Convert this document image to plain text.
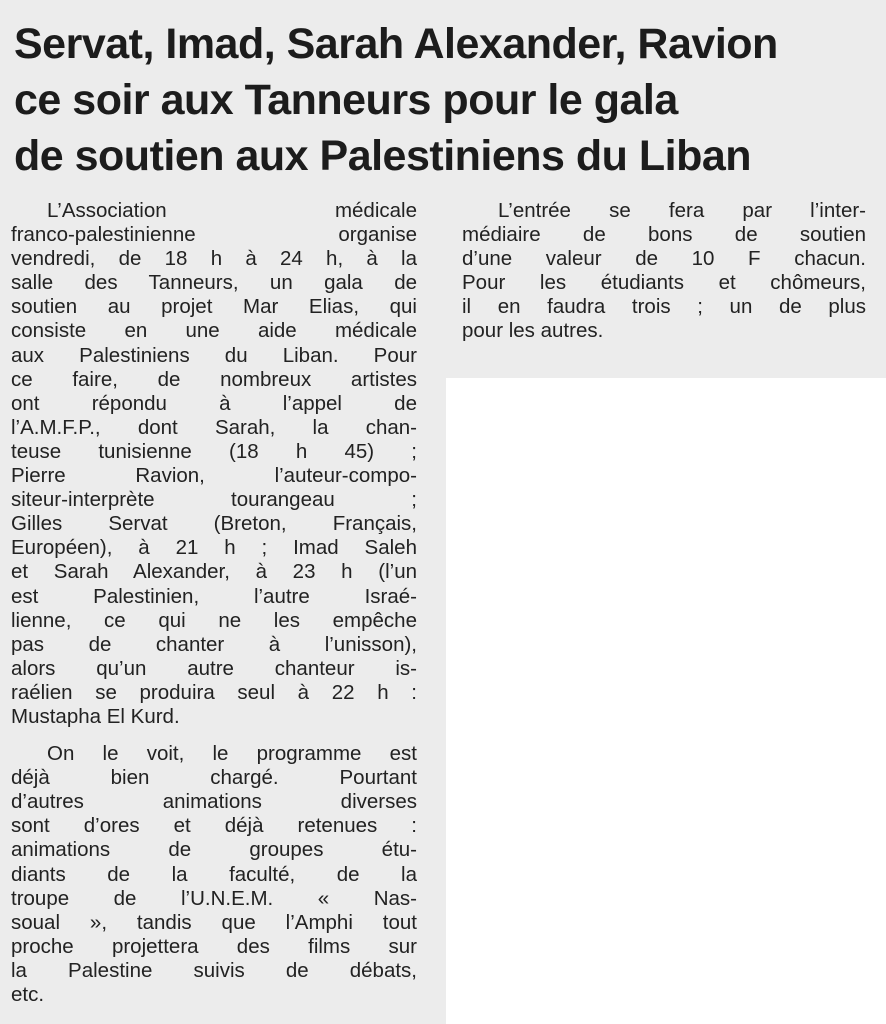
Servat, Imad, Sarah Alexander, Ravion
ce soir aux Tanneurs pour le gala
de soutien aux Palestiniens du Liban
L’Association médicale
franco-palestinienne organise
vendredi, de 18 h à 24 h, à la
salle des Tanneurs, un gala de
soutien au projet Mar Elias, qui
consiste en une aide médicale
aux Palestiniens du Liban. Pour
ce faire, de nombreux artistes
ont répondu à l’appel de
l’A.M.F.P., dont Sarah, la chan-
teuse tunisienne (18 h 45) ;
Pierre Ravion, l’auteur-compo-
siteur-interprète tourangeau ;
Gilles Servat (Breton, Français,
Européen), à 21 h ; Imad Saleh
et Sarah Alexander, à 23 h (l’un
est Palestinien, l’autre Israé-
lienne, ce qui ne les empêche
pas de chanter à l’unisson),
alors qu’un autre chanteur is-
raélien se produira seul à 22 h :
Mustapha El Kurd.
On le voit, le programme est
déjà bien chargé. Pourtant
d’autres animations diverses
sont d’ores et déjà retenues :
animations de groupes étu-
diants de la faculté, de la
troupe de l’U.N.E.M. « Nas-
soual », tandis que l’Amphi tout
proche projettera des films sur
la Palestine suivis de débats,
etc.
L’entrée se fera par l’inter-
médiaire de bons de soutien
d’une valeur de 10 F chacun.
Pour les étudiants et chômeurs,
il en faudra trois ; un de plus
pour les autres.
